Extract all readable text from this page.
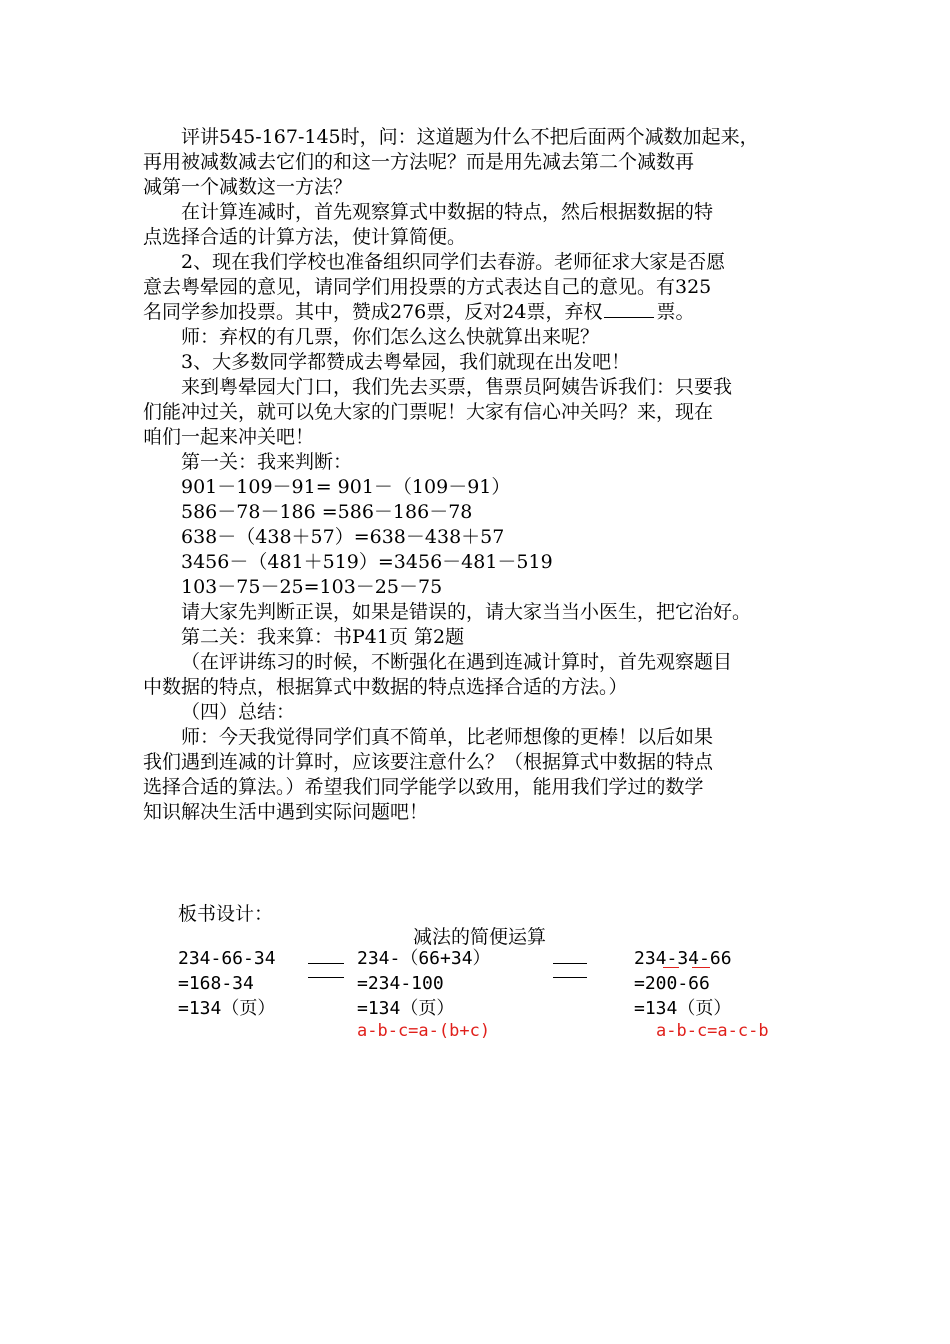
评讲545-167-145时，问：这道题为什么不把后面两个减数加起来，

再用被减数减去它们的和这一方法呢？而是用先减去第二个减数再

减第一个减数这一方法？

在计算连减时，首先观察算式中数据的特点，然后根据数据的特

点选择合适的计算方法，使计算简便。

2、现在我们学校也准备组织同学们去春游。老师征求大家是否愿

意去粤晕园的意见，请同学们用投票的方式表达自己的意见。有325

名同学参加投票。其中，赞成276票，反对24票，弃权	票。

师：弃权的有几票，你们怎么这么快就算出来呢？

3、大多数同学都赞成去粤晕园，我们就现在出发吧！

来到粤晕园大门口，我们先去买票，售票员阿姨告诉我们：只要我

们能冲过关，就可以免大家的门票呢！大家有信心冲关吗？来，现在

咱们一起来冲关吧！

第一关：我来判断：

901－109－91= 901－（109－91）

586－78－186 =586－186－78

638－（438＋57）=638－438＋57

3456－（481＋519）=3456－481－519

103－75－25=103－25－75

请大家先判断正误，如果是错误的，请大家当当小医生，把它治好。

第二关：我来算：书P41页 第2题

（在评讲练习的时候，不断强化在遇到连减计算时，首先观察题目

中数据的特点，根据算式中数据的特点选择合适的方法。）

（四）总结：

师：今天我觉得同学们真不简单，比老师想像的更棒！以后如果

我们遇到连减的计算时，应该要注意什么？（根据算式中数据的特点

选择合适的算法。）希望我们同学能学以致用，能用我们学过的数学

知识解决生活中遇到实际问题吧！

板书设计：
减法的简便运算
234-66-34
=168-34
=134（页）
234-（66+34）
=234-100
=134（页）
234-34-66
=200-66
=134（页）
a-b-c=a-(b+c)	a-b-c=a-c-b
